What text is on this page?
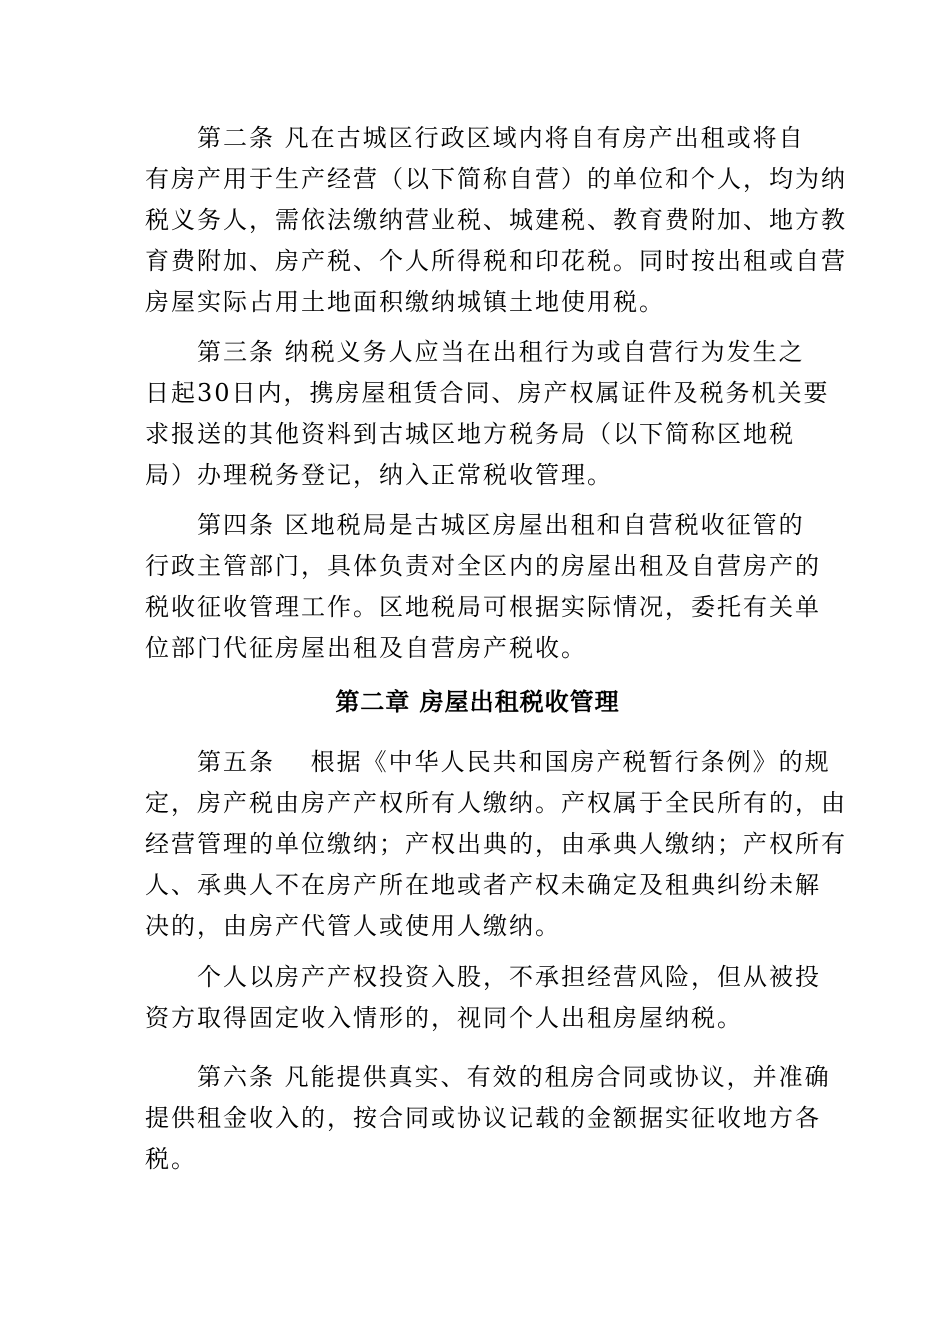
第二条 凡在古城区行政区域内将自有房产出租或将自
有房产用于生产经营（以下简称自营）的单位和个人，均为纳
税义务人，需依法缴纳营业税、城建税、教育费附加、地方教
育费附加、房产税、个人所得税和印花税。同时按出租或自营
房屋实际占用土地面积缴纳城镇土地使用税。
第三条 纳税义务人应当在出租行为或自营行为发生之
日起30日内，携房屋租赁合同、房产权属证件及税务机关要
求报送的其他资料到古城区地方税务局（以下简称区地税
局）办理税务登记，纳入正常税收管理。
第四条 区地税局是古城区房屋出租和自营税收征管的
行政主管部门，具体负责对全区内的房屋出租及自营房产的
税收征收管理工作。区地税局可根据实际情况，委托有关单
位部门代征房屋出租及自营房产税收。
第二章 房屋出租税收管理
第五条　 根据《中华人民共和国房产税暂行条例》的规
定，房产税由房产产权所有人缴纳。产权属于全民所有的，由
经营管理的单位缴纳；产权出典的，由承典人缴纳；产权所有
人、承典人不在房产所在地或者产权未确定及租典纠纷未解
决的，由房产代管人或使用人缴纳。
个人以房产产权投资入股，不承担经营风险，但从被投
资方取得固定收入情形的，视同个人出租房屋纳税。
第六条 凡能提供真实、有效的租房合同或协议，并准确
提供租金收入的，按合同或协议记载的金额据实征收地方各
税。
